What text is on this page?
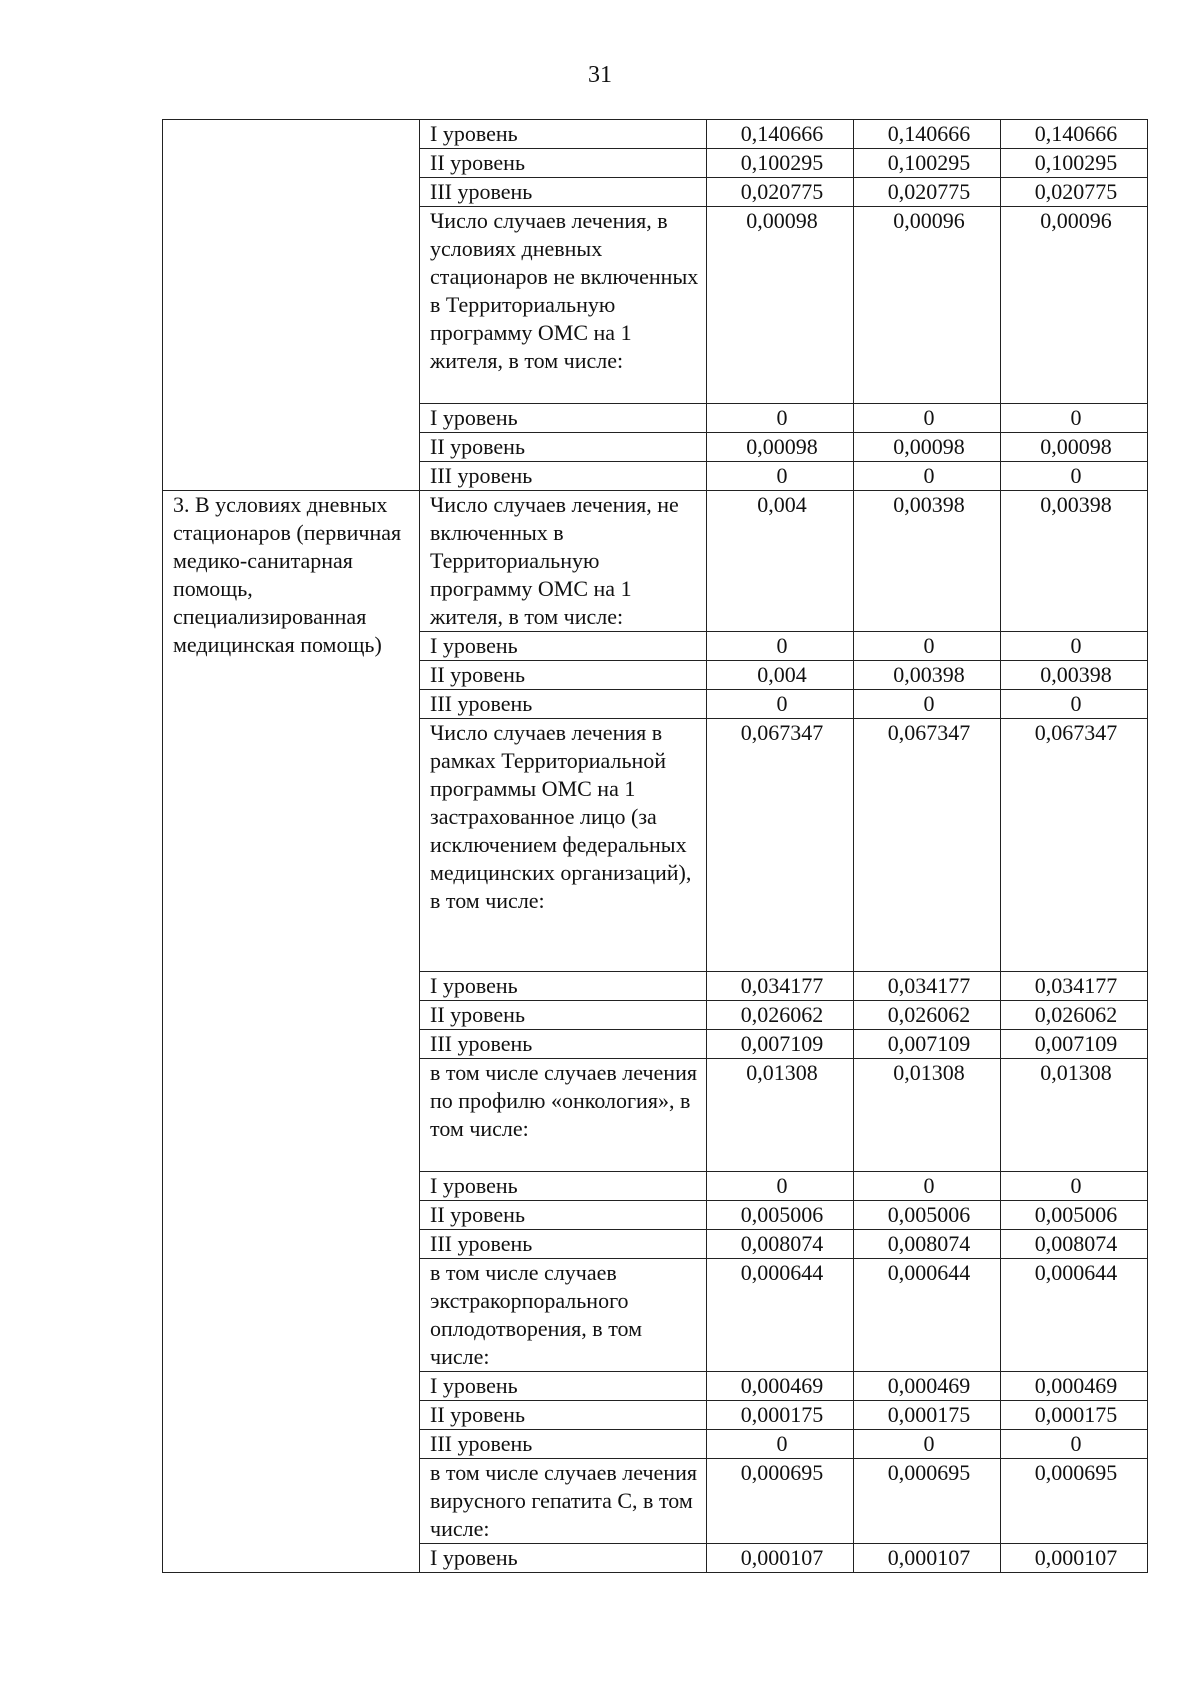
31
	I уровень	0,140666	0,140666	0,140666
	II уровень	0,100295	0,100295	0,100295
	III уровень	0,020775	0,020775	0,020775
	Число случаев лечения, в условиях дневных стационаров не включенных в Территориальную программу ОМС на 1 жителя, в том числе:	0,00098	0,00096	0,00096
	I уровень	0	0	0
	II уровень	0,00098	0,00098	0,00098
	III уровень	0	0	0
3. В условиях дневных стационаров (первичная медико-санитарная помощь, специализированная медицинская помощь)	Число случаев лечения, не включенных в Территориальную программу ОМС на 1 жителя, в том числе:	0,004	0,00398	0,00398
	I уровень	0	0	0
	II уровень	0,004	0,00398	0,00398
	III уровень	0	0	0
	Число случаев лечения в рамках Территориальной программы ОМС на 1 застрахованное лицо (за исключением федеральных медицинских организаций), в том числе:	0,067347	0,067347	0,067347
	I уровень	0,034177	0,034177	0,034177
	II уровень	0,026062	0,026062	0,026062
	III уровень	0,007109	0,007109	0,007109
	в том числе случаев лечения по профилю «онкология», в том числе:	0,01308	0,01308	0,01308
	I уровень	0	0	0
	II уровень	0,005006	0,005006	0,005006
	III уровень	0,008074	0,008074	0,008074
	в том числе случаев экстракорпорального оплодотворения, в том числе:	0,000644	0,000644	0,000644
	I уровень	0,000469	0,000469	0,000469
	II уровень	0,000175	0,000175	0,000175
	III уровень	0	0	0
	в том числе случаев лечения вирусного гепатита С, в том числе:	0,000695	0,000695	0,000695
	I уровень	0,000107	0,000107	0,000107
